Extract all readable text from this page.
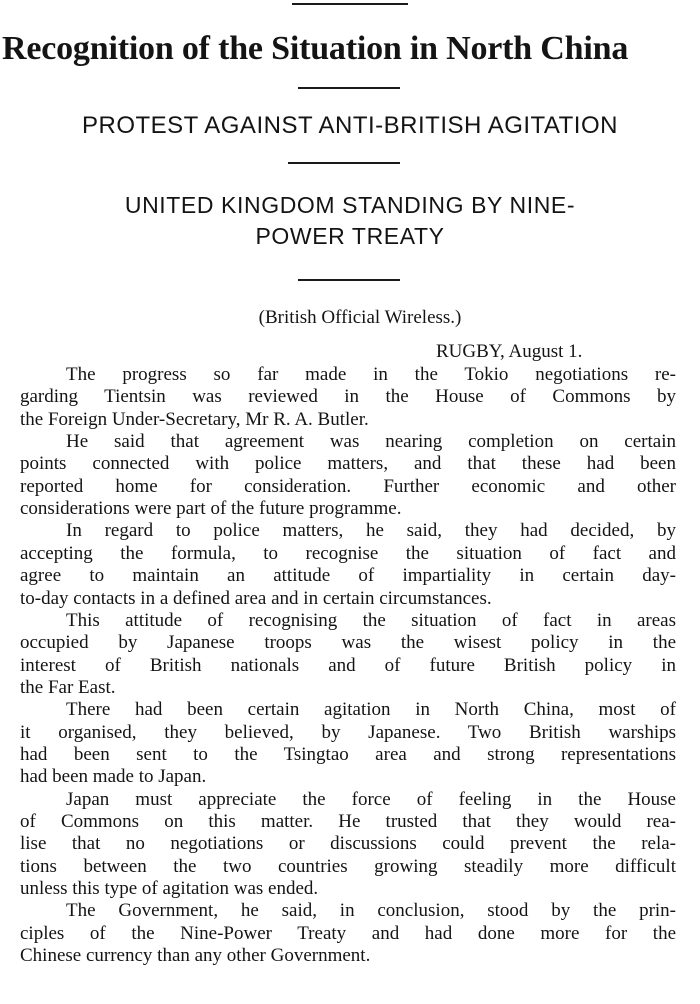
Recognition of the Situation in North China
PROTEST AGAINST ANTI-BRITISH AGITATION
UNITED KINGDOM STANDING BY NINE-
POWER TREATY
(British Official Wireless.)
RUGBY, August 1.
The progress so far made in the Tokio negotiations re-
garding Tientsin was reviewed in the House of Commons by
the Foreign Under-Secretary, Mr R. A. Butler.
He said that agreement was nearing completion on certain
points connected with police matters, and that these had been
reported home for consideration. Further economic and other
considerations were part of the future programme.
In regard to police matters, he said, they had decided, by
accepting the formula, to recognise the situation of fact and
agree to maintain an attitude of impartiality in certain day-
to-day contacts in a defined area and in certain circumstances.
This attitude of recognising the situation of fact in areas
occupied by Japanese troops was the wisest policy in the
interest of British nationals and of future British policy in
the Far East.
There had been certain agitation in North China, most of
it organised, they believed, by Japanese. Two British warships
had been sent to the Tsingtao area and strong representations
had been made to Japan.
Japan must appreciate the force of feeling in the House
of Commons on this matter. He trusted that they would rea-
lise that no negotiations or discussions could prevent the rela-
tions between the two countries growing steadily more difficult
unless this type of agitation was ended.
The Government, he said, in conclusion, stood by the prin-
ciples of the Nine-Power Treaty and had done more for the
Chinese currency than any other Government.
